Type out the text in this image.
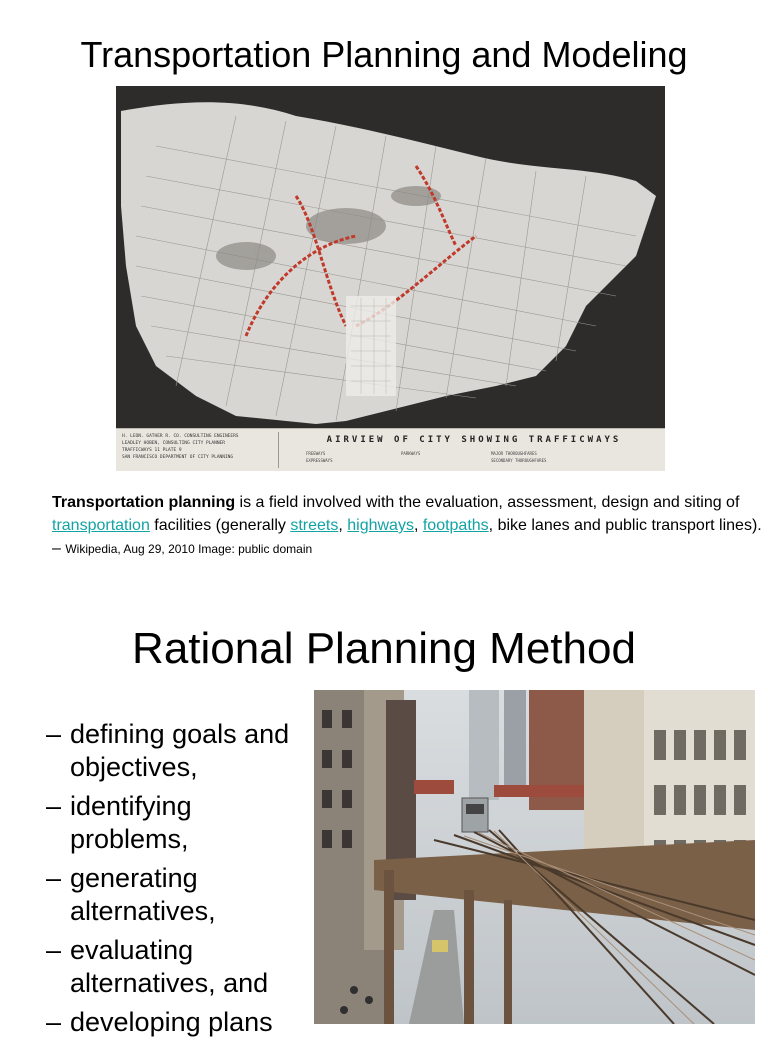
Transportation Planning and Modeling
H. LEON. GATHER R. CO. CONSULTING ENGINEERS
LEADLEY HOBEN, CONSULTING CITY PLANNER
TRAFFICWAYS 11 PLATE 9
SAN FRANCISCO DEPARTMENT OF CITY PLANNING
AIRVIEW OF CITY SHOWING TRAFFICWAYS
FREEWAYS
EXPRESSWAYS
PARKWAYS	MAJOR THOROUGHFARES
SECONDARY THOROUGHFARES
Transportation planning is a field involved with the evaluation, assessment, design and siting of transportation facilities (generally streets, highways, footpaths, bike lanes and public transport lines). – Wikipedia, Aug 29, 2010 Image: public domain
Rational Planning Method
– defining goals and objectives,
– identifying problems,
– generating alternatives,
– evaluating alternatives, and
– developing plans
